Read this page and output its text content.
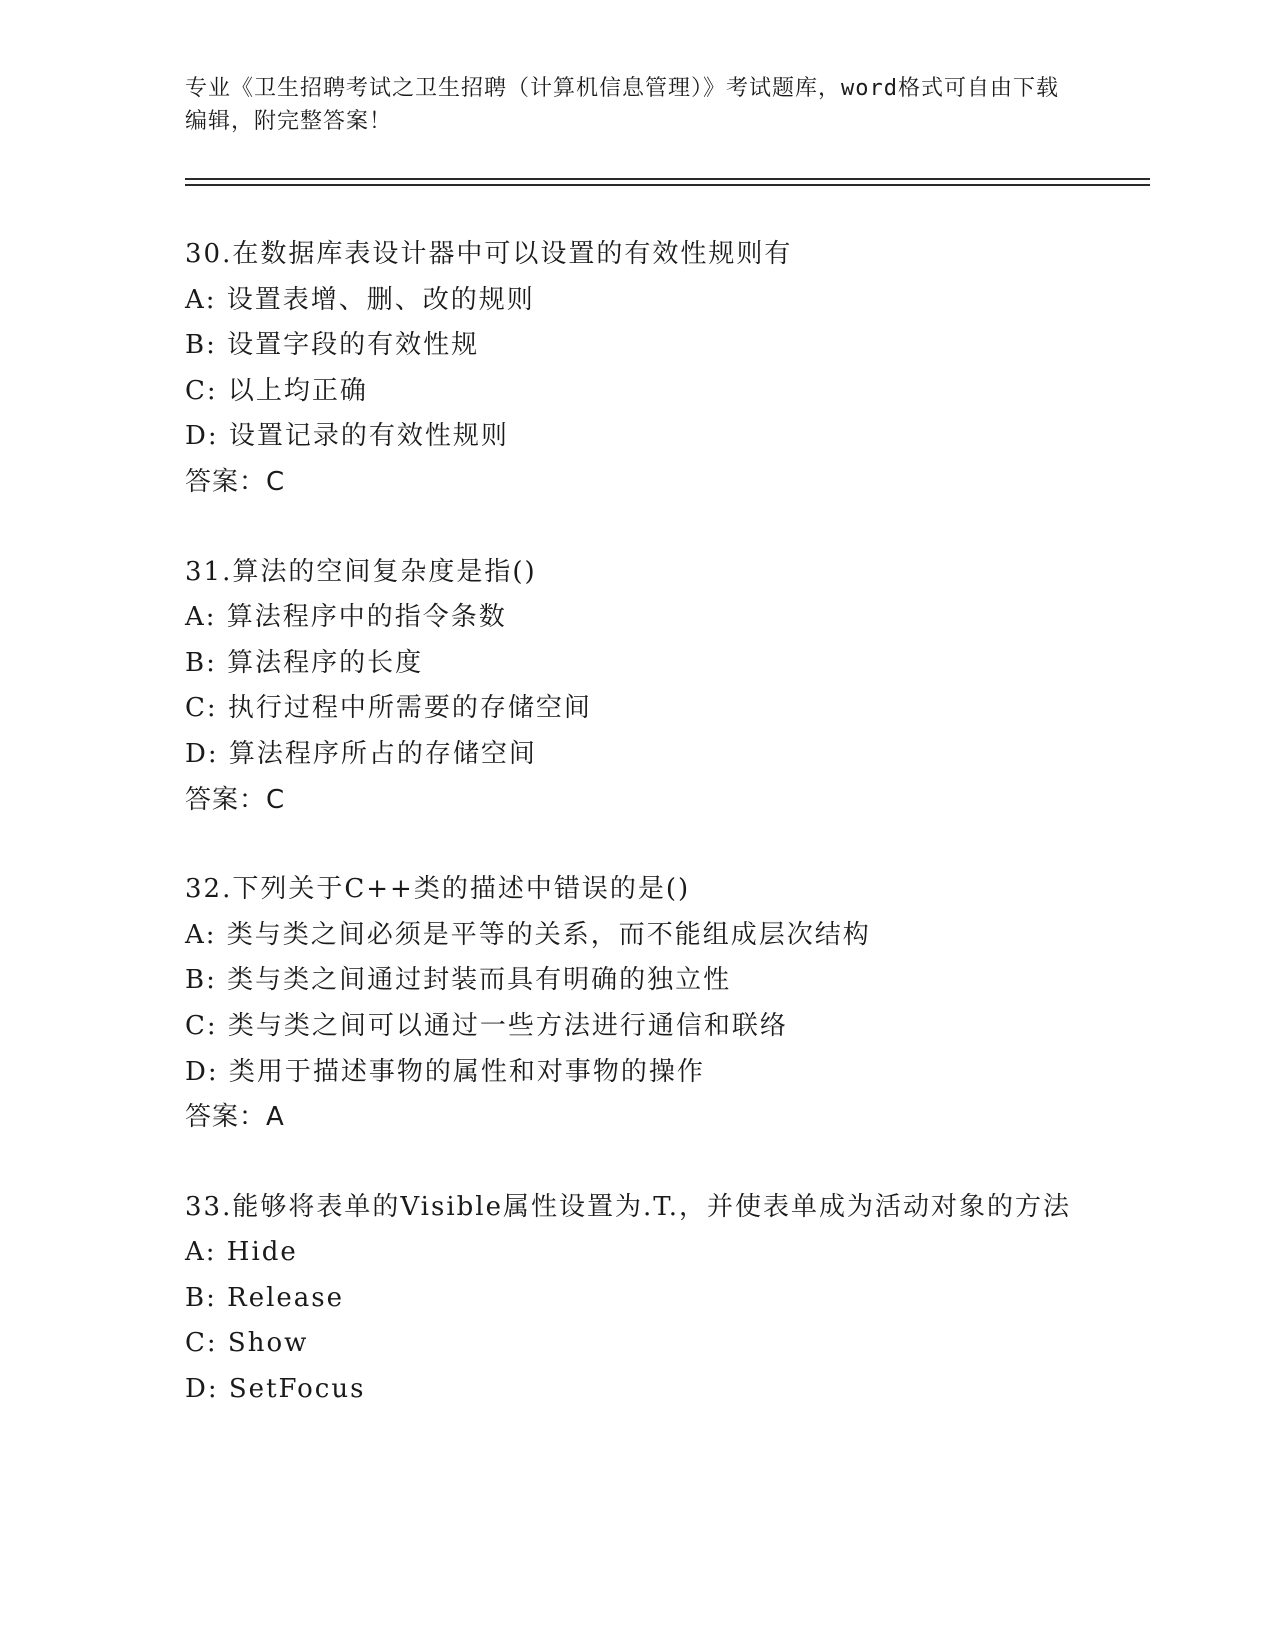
专业《卫生招聘考试之卫生招聘（计算机信息管理）》考试题库，word格式可自由下载编辑，附完整答案！
30.在数据库表设计器中可以设置的有效性规则有
A: 设置表增、删、改的规则
B: 设置字段的有效性规
C: 以上均正确
D: 设置记录的有效性规则
答案：C
31.算法的空间复杂度是指()
A: 算法程序中的指令条数
B: 算法程序的长度
C: 执行过程中所需要的存储空间
D: 算法程序所占的存储空间
答案：C
32.下列关于C++类的描述中错误的是()
A: 类与类之间必须是平等的关系，而不能组成层次结构
B: 类与类之间通过封装而具有明确的独立性
C: 类与类之间可以通过一些方法进行通信和联络
D: 类用于描述事物的属性和对事物的操作
答案：A
33.能够将表单的Visible属性设置为.T.，并使表单成为活动对象的方法
A: Hide
B: Release
C: Show
D: SetFocus
